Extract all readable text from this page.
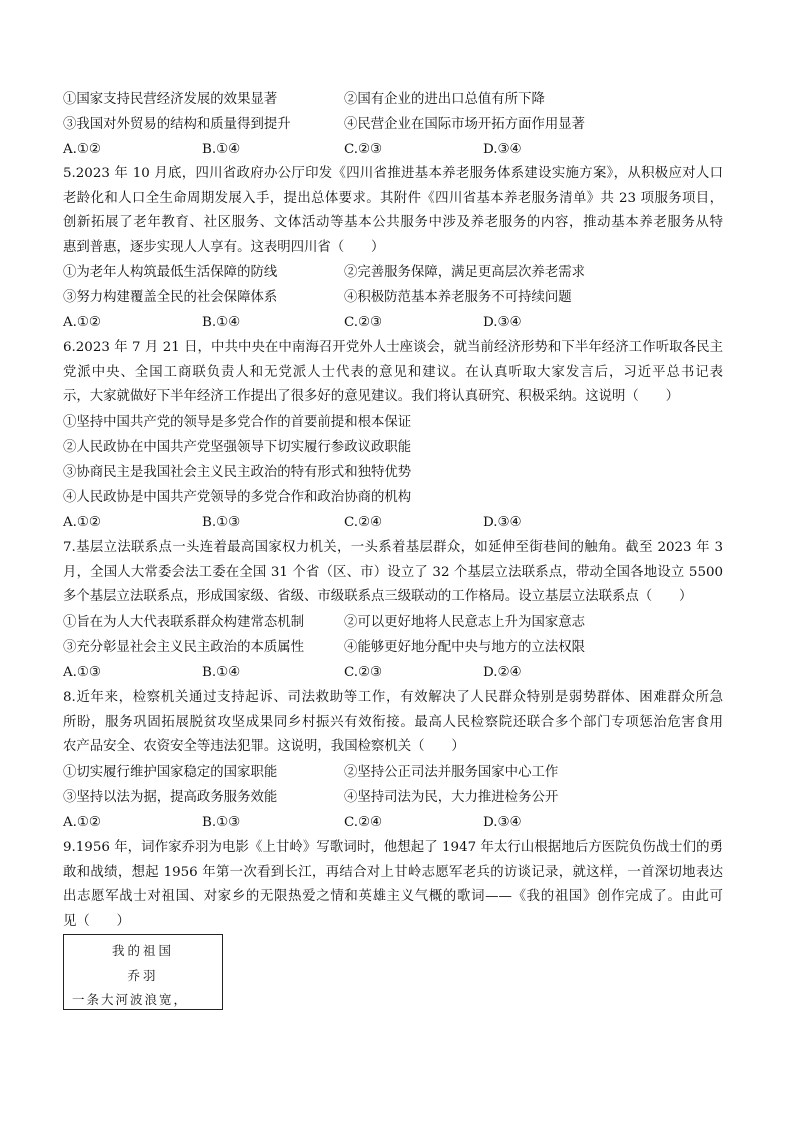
①国家支持民营经济发展的效果显著	②国有企业的进出口总值有所下降
③我国对外贸易的结构和质量得到提升	④民营企业在国际市场开拓方面作用显著
A.①②	B.①④	C.②③	D.③④
5.2023 年 10 月底，四川省政府办公厅印发《四川省推进基本养老服务体系建设实施方案》，从积极应对人口
老龄化和人口全生命周期发展入手，提出总体要求。其附件《四川省基本养老服务清单》共 23 项服务项目，
创新拓展了老年教育、社区服务、文体活动等基本公共服务中涉及养老服务的内容，推动基本养老服务从特
惠到普惠，逐步实现人人享有。这表明四川省（　　）
①为老年人构筑最低生活保障的防线	②完善服务保障，满足更高层次养老需求
③努力构建覆盖全民的社会保障体系	④积极防范基本养老服务不可持续问题
A.①②	B.①④	C.②③	D.③④
6.2023 年 7 月 21 日，中共中央在中南海召开党外人士座谈会，就当前经济形势和下半年经济工作听取各民主
党派中央、全国工商联负责人和无党派人士代表的意见和建议。在认真听取大家发言后，习近平总书记表
示，大家就做好下半年经济工作提出了很多好的意见建议。我们将认真研究、积极采纳。这说明（　　）
①坚持中国共产党的领导是多党合作的首要前提和根本保证
②人民政协在中国共产党坚强领导下切实履行参政议政职能
③协商民主是我国社会主义民主政治的特有形式和独特优势
④人民政协是中国共产党领导的多党合作和政治协商的机构
A.①②	B.①③	C.②④	D.③④
7.基层立法联系点一头连着最高国家权力机关，一头系着基层群众，如延伸至街巷间的触角。截至 2023 年 3
月，全国人大常委会法工委在全国 31 个省（区、市）设立了 32 个基层立法联系点，带动全国各地设立 5500
多个基层立法联系点，形成国家级、省级、市级联系点三级联动的工作格局。设立基层立法联系点（　　）
①旨在为人大代表联系群众构建常态机制	②可以更好地将人民意志上升为国家意志
③充分彰显社会主义民主政治的本质属性	④能够更好地分配中央与地方的立法权限
A.①③	B.①④	C.②③	D.②④
8.近年来，检察机关通过支持起诉、司法救助等工作，有效解决了人民群众特别是弱势群体、困难群众所急
所盼，服务巩固拓展脱贫攻坚成果同乡村振兴有效衔接。最高人民检察院还联合多个部门专项惩治危害食用
农产品安全、农资安全等违法犯罪。这说明，我国检察机关（　　）
①切实履行维护国家稳定的国家职能	②坚持公正司法并服务国家中心工作
③坚持以法为据，提高政务服务效能	④坚持司法为民，大力推进检务公开
A.①②	B.①③	C.②④	D.③④
9.1956 年，词作家乔羽为电影《上甘岭》写歌词时，他想起了 1947 年太行山根据地后方医院负伤战士们的勇
敢和战绩，想起 1956 年第一次看到长江，再结合对上甘岭志愿军老兵的访谈记录，就这样，一首深切地表达
出志愿军战士对祖国、对家乡的无限热爱之情和英雄主义气概的歌词——《我的祖国》创作完成了。由此可
见（　　）
我的祖国
乔羽
一条大河波浪宽，
